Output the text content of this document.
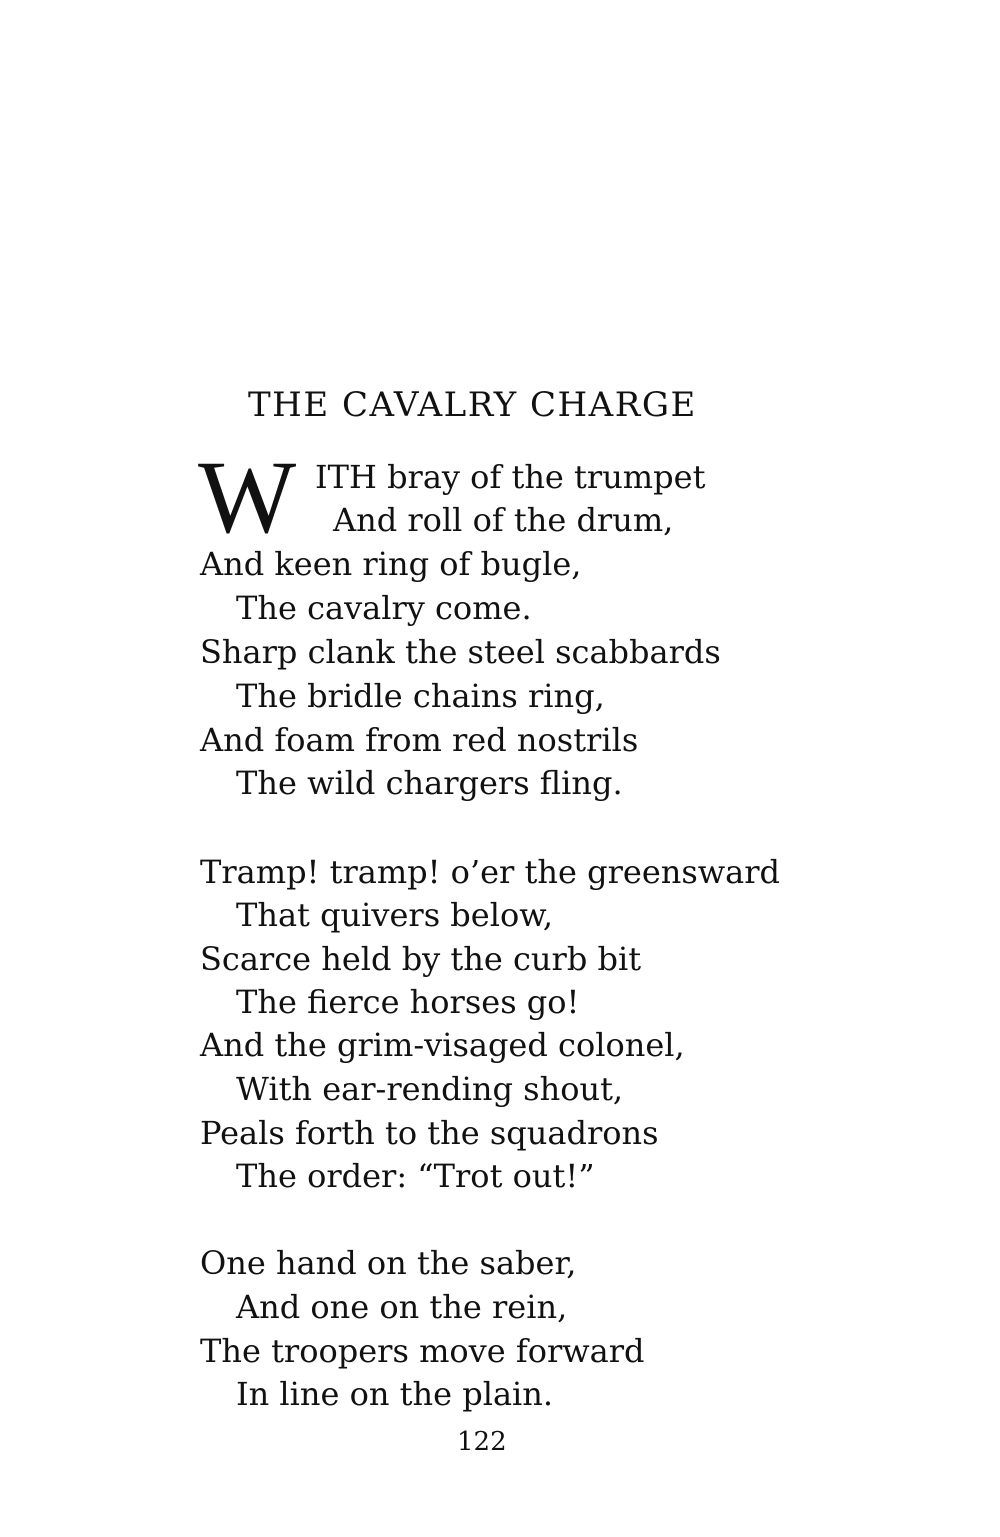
THE CAVALRY CHARGE
W ITH bray of the trumpet
And roll of the drum,
And keen ring of bugle,
The cavalry come.
Sharp clank the steel scabbards
The bridle chains ring,
And foam from red nostrils
The wild chargers fling.
Tramp! tramp! o’er the greensward
That quivers below,
Scarce held by the curb bit
The fierce horses go!
And the grim-visaged colonel,
With ear-rending shout,
Peals forth to the squadrons
The order: “Trot out!”
One hand on the saber,
And one on the rein,
The troopers move forward
In line on the plain.
122
